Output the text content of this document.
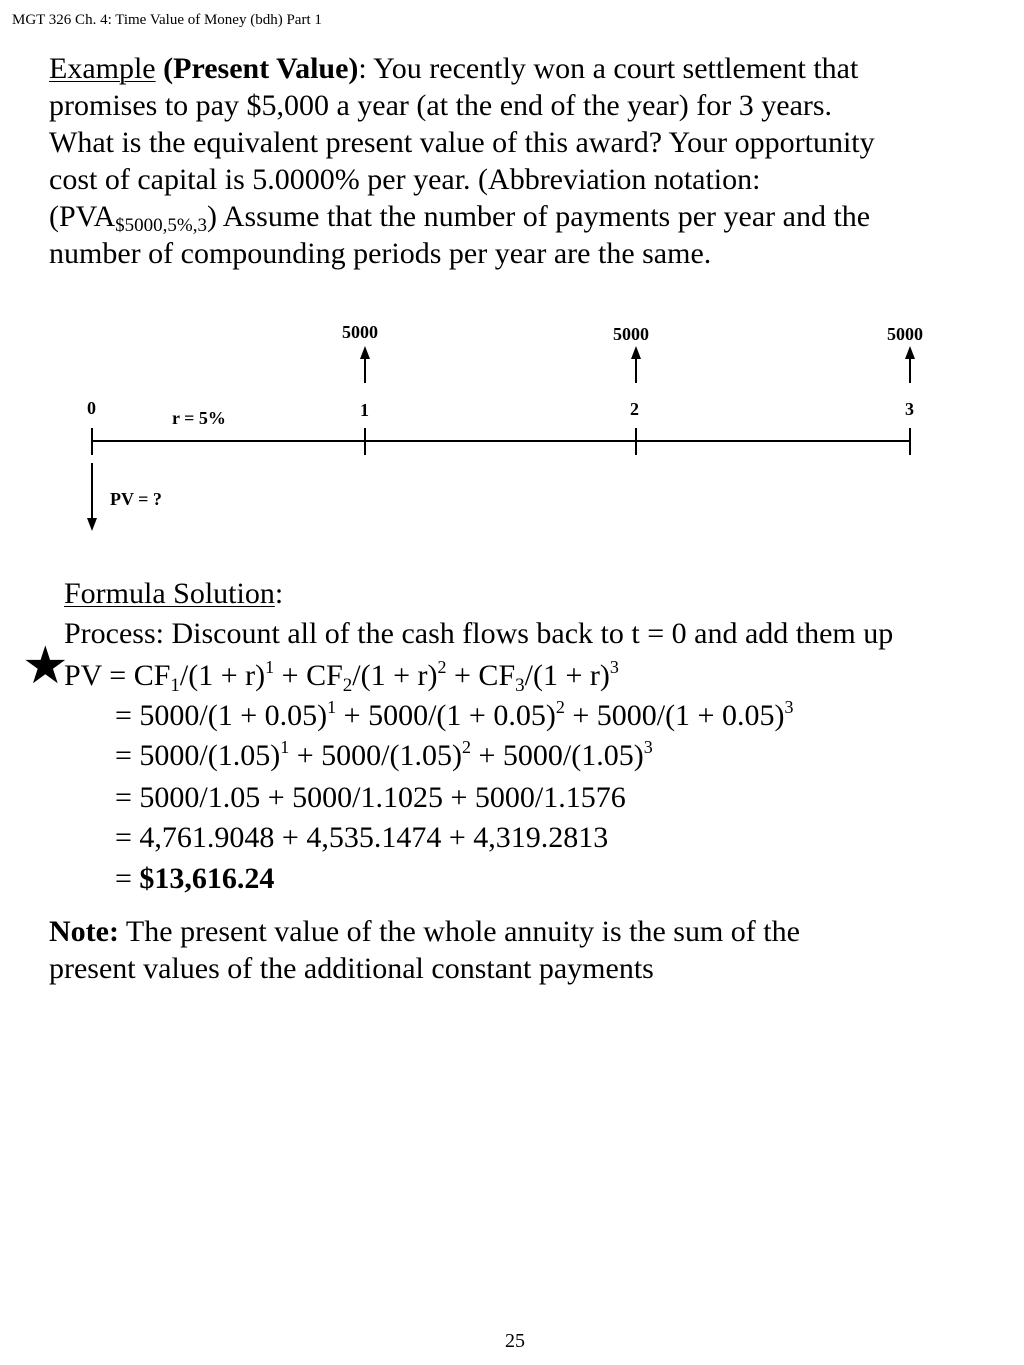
MGT 326 Ch. 4: Time Value of Money (bdh) Part 1

Example (Present Value): You recently won a court settlement that

promises to pay $5,000 a year (at the end of the year) for 3 years.

What is the equivalent present value of this award? Your opportunity

cost of capital is 5.0000% per year. (Abbreviation notation:

$(PVA_{\$5000,5\%,3})$ Assume that the number of payments per year and the

number of compounding periods per year are the same.

5000	5000	5000
0	1	2	3
r = 5%
PV = ?
Formula Solution:
Process: Discount all of the cash flows back to t = 0 and add them up
★
PV = $CF_1/(1 + r)^1 + CF_2/(1 + r)^2 + CF_3/(1 + r)^3$
= $5000/(1 + 0.05)^1 + 5000/(1 + 0.05)^2 + 5000/(1 + 0.05)^3$
= $5000/(1.05)^1 + 5000/(1.05)^2 + 5000/(1.05)^3$
= 5000/1.05 + 5000/1.1025 + 5000/1.1576
= 4,761.9048 + 4,535.1474 + 4,319.2813
= $13,616.24
Note: The present value of the whole annuity is the sum of the
present values of the additional constant payments
25
